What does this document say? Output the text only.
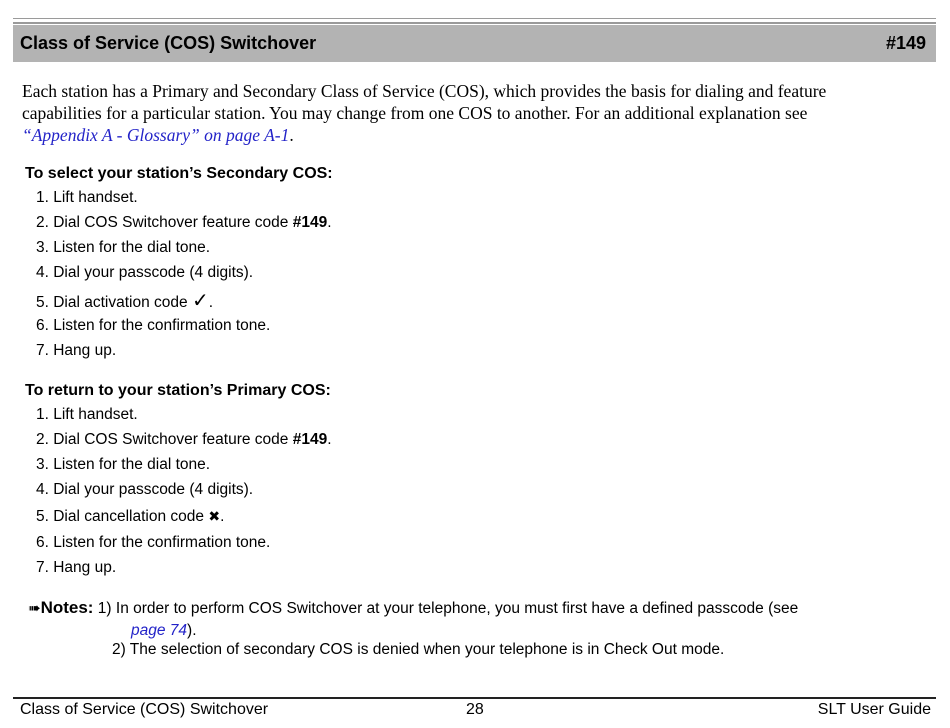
Class of Service (COS) Switchover	#149
Each station has a Primary and Secondary Class of Service (COS), which provides the basis for dialing and feature capabilities for a particular station. You may change from one COS to another. For an additional explanation see
“Appendix A - Glossary” on page A-1.
To select your station’s Secondary COS:
1. Lift handset.
2. Dial COS Switchover feature code #149.
3. Listen for the dial tone.
4. Dial your passcode (4 digits).
5. Dial activation code ✓.
6. Listen for the confirmation tone.
7. Hang up.
To return to your station’s Primary COS:
1. Lift handset.
2. Dial COS Switchover feature code #149.
3. Listen for the dial tone.
4. Dial your passcode (4 digits).
5. Dial cancellation code ✖.
6. Listen for the confirmation tone.
7. Hang up.
➠Notes: 1) In order to perform COS Switchover at your telephone, you must first have a defined passcode (see
page 74).
2) The selection of secondary COS is denied when your telephone is in Check Out mode.
Class of Service (COS) Switchover	28	SLT User Guide
